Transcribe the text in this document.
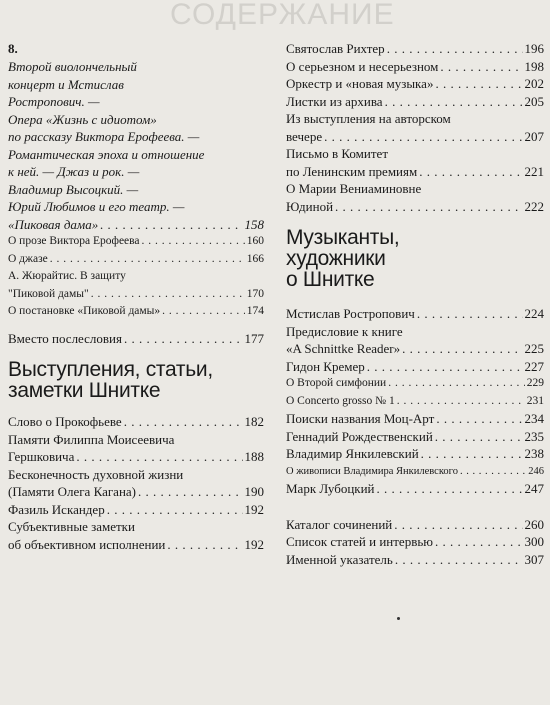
СОДЕРЖАНИЕ
8.
Второй виолончельный
концерт и Мстислав
Ростропович. —
Опера «Жизнь с идиотом»
по рассказу Виктора Ерофеева. —
Романтическая эпоха и отношение
к ней. — Джаз и рок. —
Владимир Высоцкий. —
Юрий Любимов и его театр. —
«Пиковая дама» . . .	158
О прозе Виктора Ерофеева . . .	160
О джазе . . .	166
А. Жюрайтис. В защиту
"Пиковой дамы" . . .	170
О постановке «Пиковой дамы» . . .	174
Вместо послесловия . . .	177
Выступления, статьи,
заметки Шнитке
Слово о Прокофьеве . . .	182
Памяти Филиппа Моисеевича
Гершковича . . .	188
Бесконечность духовной жизни
(Памяти Олега Кагана) . . .	190
Фазиль Искандер . . .	192
Субъективные заметки
об объективном исполнении . . .	192
Святослав Рихтер . . .	196
О серьезном и несерьезном . . .	198
Оркестр и «новая музыка» . . .	202
Листки из архива . . .	205
Из выступления на авторском
вечере . . .	207
Письмо в Комитет
по Ленинским премиям . . .	221
О Марии Вениаминовне
Юдиной . . .	222
Музыканты,
художники
о Шнитке
Мстислав Ростропович . . .	224
Предисловие к книге
«A Schnittke Reader» . . .	225
Гидон Кремер . . .	227
О Второй симфонии . . .	229
О Concerto grosso № 1 . . .	231
Поиски названия Моц-Арт . . .	234
Геннадий Рождественский . . .	235
Владимир Янкилевский . . .	238
О живописи Владимира Янкилевского . . .	246
Марк Лубоцкий . . .	247
Каталог сочинений . . .	260
Список статей и интервью . . .	300
Именной указатель . . .	307
